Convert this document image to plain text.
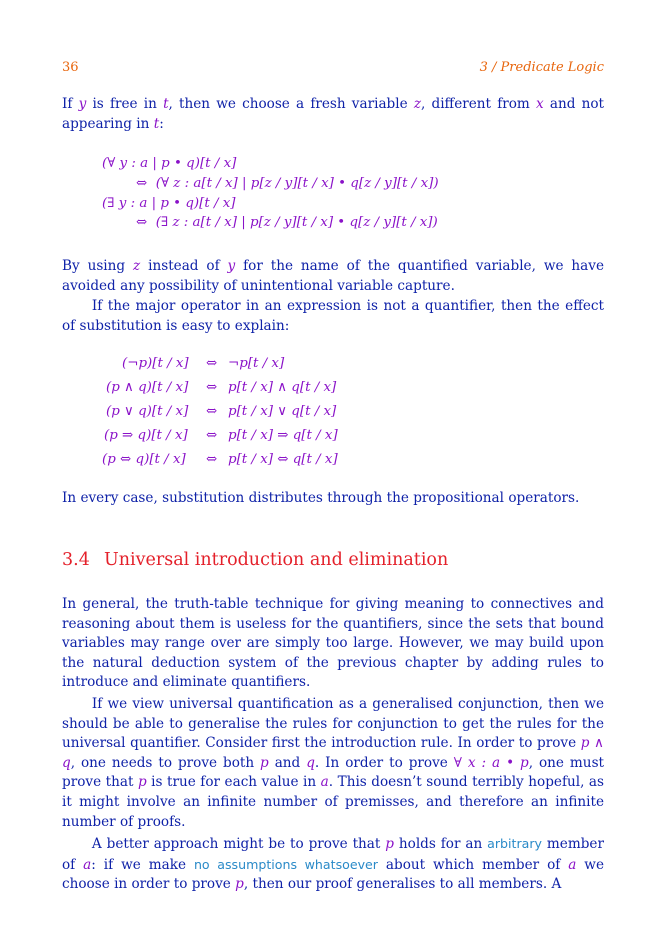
36	3 / Predicate Logic

If y is free in t, then we choose a fresh variable z, different from x and not appearing in t:

(∀ y : a | p • q)[t / x]
⇔  (∀ z : a[t / x] | p[z / y][t / x] • q[z / y][t / x])
(∃ y : a | p • q)[t / x]
⇔  (∃ z : a[t / x] | p[z / y][t / x] • q[z / y][t / x])

By using z instead of y for the name of the quantified variable, we have avoided any possibility of unintentional variable capture.

If the major operator in an expression is not a quantifier, then the effect of substitution is easy to explain:

(¬p)[t / x] ⇔ ¬p[t / x]
(p ∧ q)[t / x] ⇔ p[t / x] ∧ q[t / x]
(p ∨ q)[t / x] ⇔ p[t / x] ∨ q[t / x]
(p ⇒ q)[t / x] ⇔ p[t / x] ⇒ q[t / x]
(p ⇔ q)[t / x] ⇔ p[t / x] ⇔ q[t / x]

In every case, substitution distributes through the propositional operators.

3.4 Universal introduction and elimination

In general, the truth-table technique for giving meaning to connectives and reasoning about them is useless for the quantifiers, since the sets that bound variables may range over are simply too large. However, we may build upon the natural deduction system of the previous chapter by adding rules to introduce and eliminate quantifiers.

If we view universal quantification as a generalised conjunction, then we should be able to generalise the rules for conjunction to get the rules for the universal quantifier. Consider first the introduction rule. In order to prove p ∧ q, one needs to prove both p and q. In order to prove ∀ x : a • p, one must prove that p is true for each value in a. This doesn’t sound terribly hopeful, as it might involve an infinite number of premisses, and therefore an infinite number of proofs.

A better approach might be to prove that p holds for an arbitrary member of a: if we make no assumptions whatsoever about which member of a we choose in order to prove p, then our proof generalises to all members. A
